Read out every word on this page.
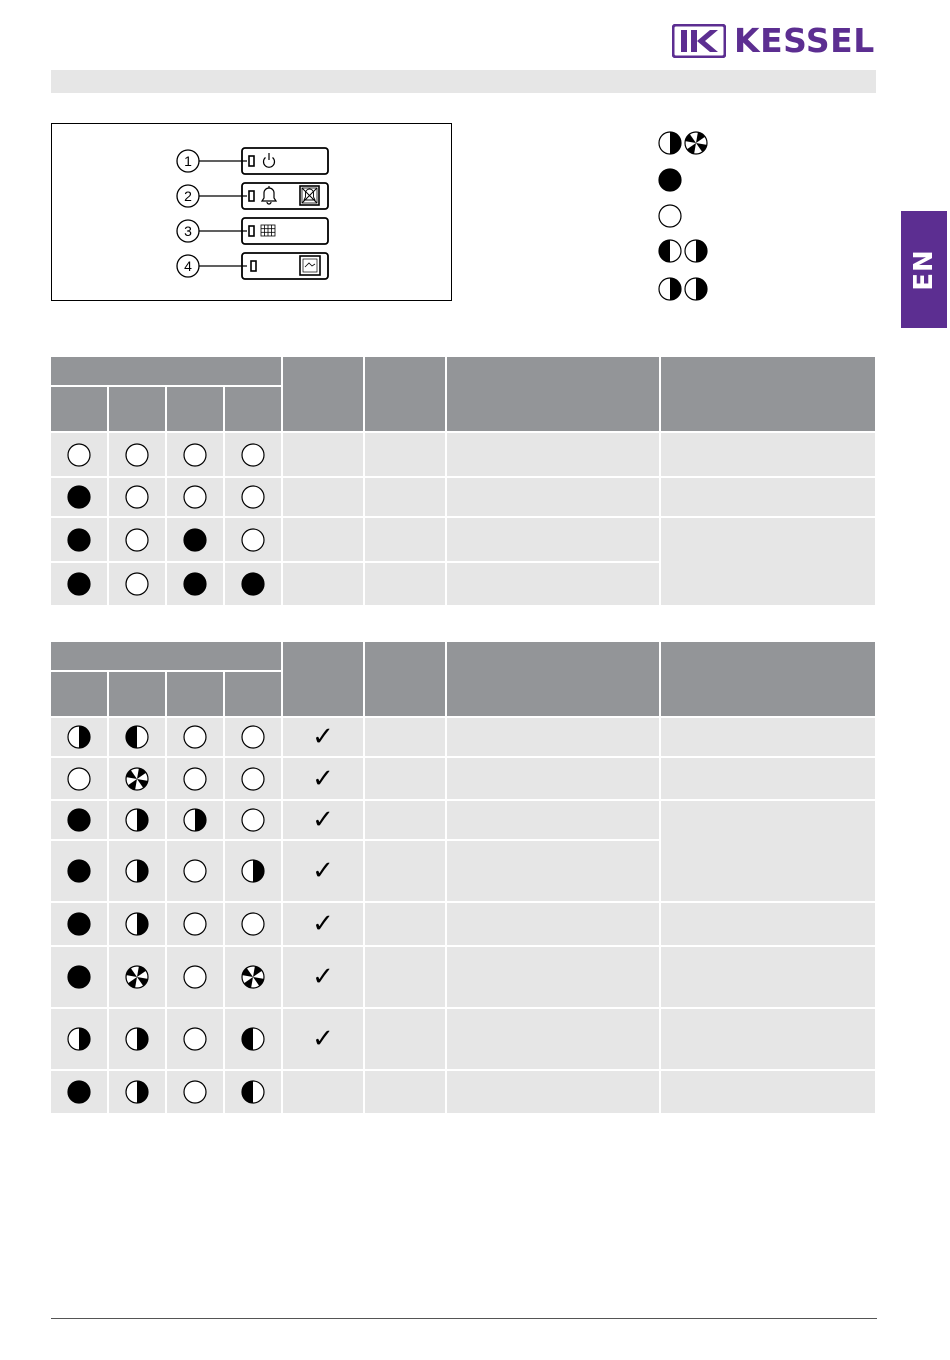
KESSEL
EN
1
2
3
4
✓
✓
✓
✓
✓
✓
✓
